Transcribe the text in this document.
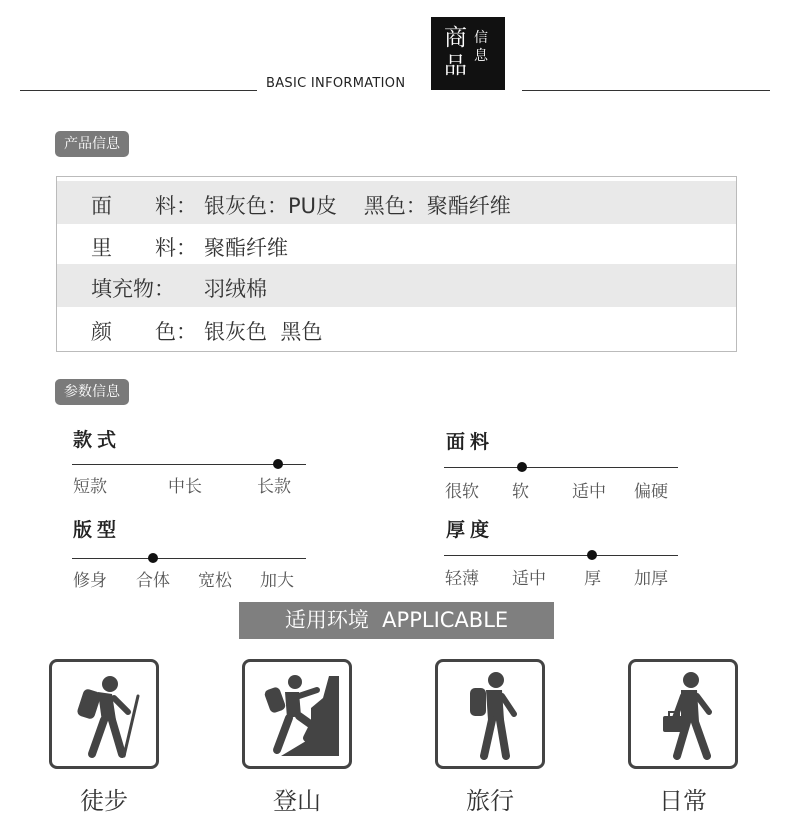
BASIC INFORMATION
商
品
信
息
产品信息
面 料： 银灰色：PU皮    黑色：聚酯纤维
里 料： 聚酯纤维
填充物： 羽绒棉
颜 色： 银灰色  黑色
参数信息
款式
短款	中长	长款
面料
很软 软	适中 偏硬
版型
修身 合体 宽松 加大
厚度
轻薄 适中 厚 加厚
适用环境  APPLICABLE
徒步	登山	旅行	日常
